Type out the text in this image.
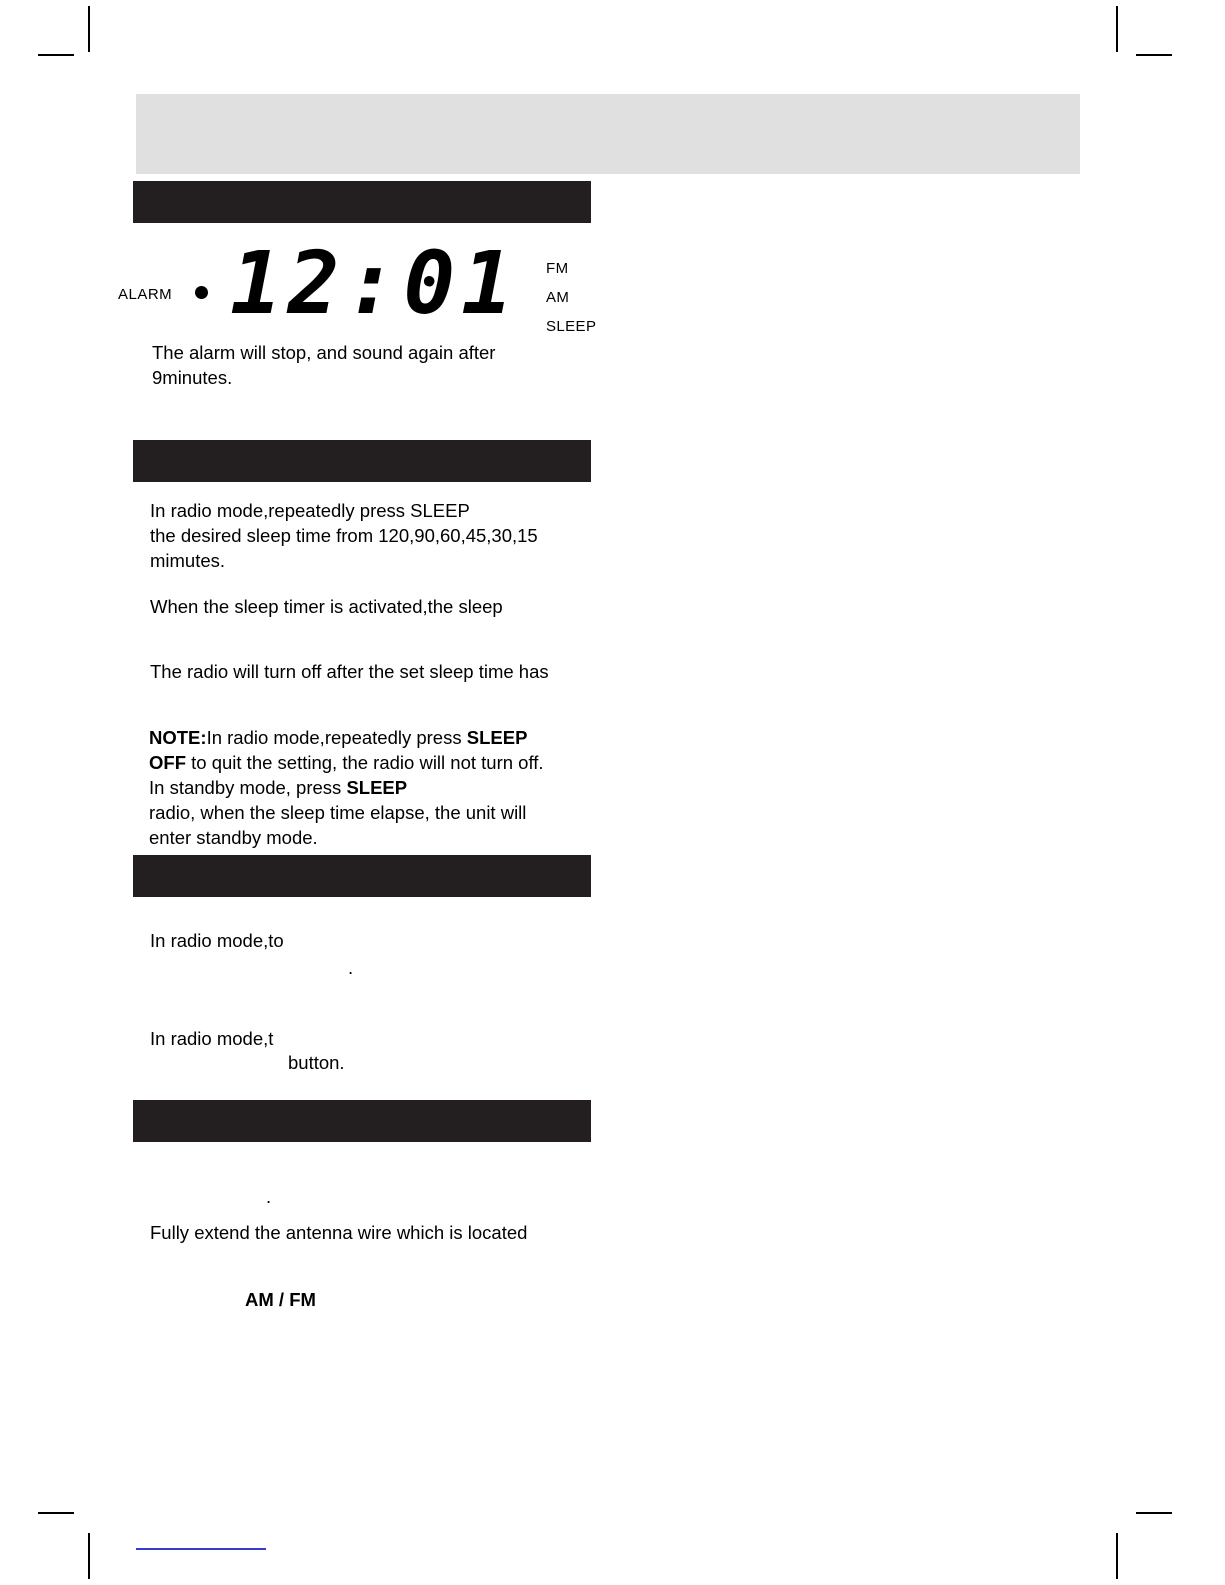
ALARM 12:01 FM
AM
SLEEP
The alarm will stop, and sound again after 9minutes.
In radio mode,repeatedly press SLEEP
the desired sleep time from 120,90,60,45,30,15 mimutes.
When the sleep timer is activated,the sleep
The radio will turn off after the set sleep time has
NOTE:In radio mode,repeatedly press SLEEP
OFF to quit the setting, the radio will not turn off.
In standby mode, press SLEEP
radio, when the sleep time elapse, the unit will
enter standby mode.
In radio mode,to
.
In radio mode,t
button.
.
Fully extend the antenna wire which is located
AM / FM
